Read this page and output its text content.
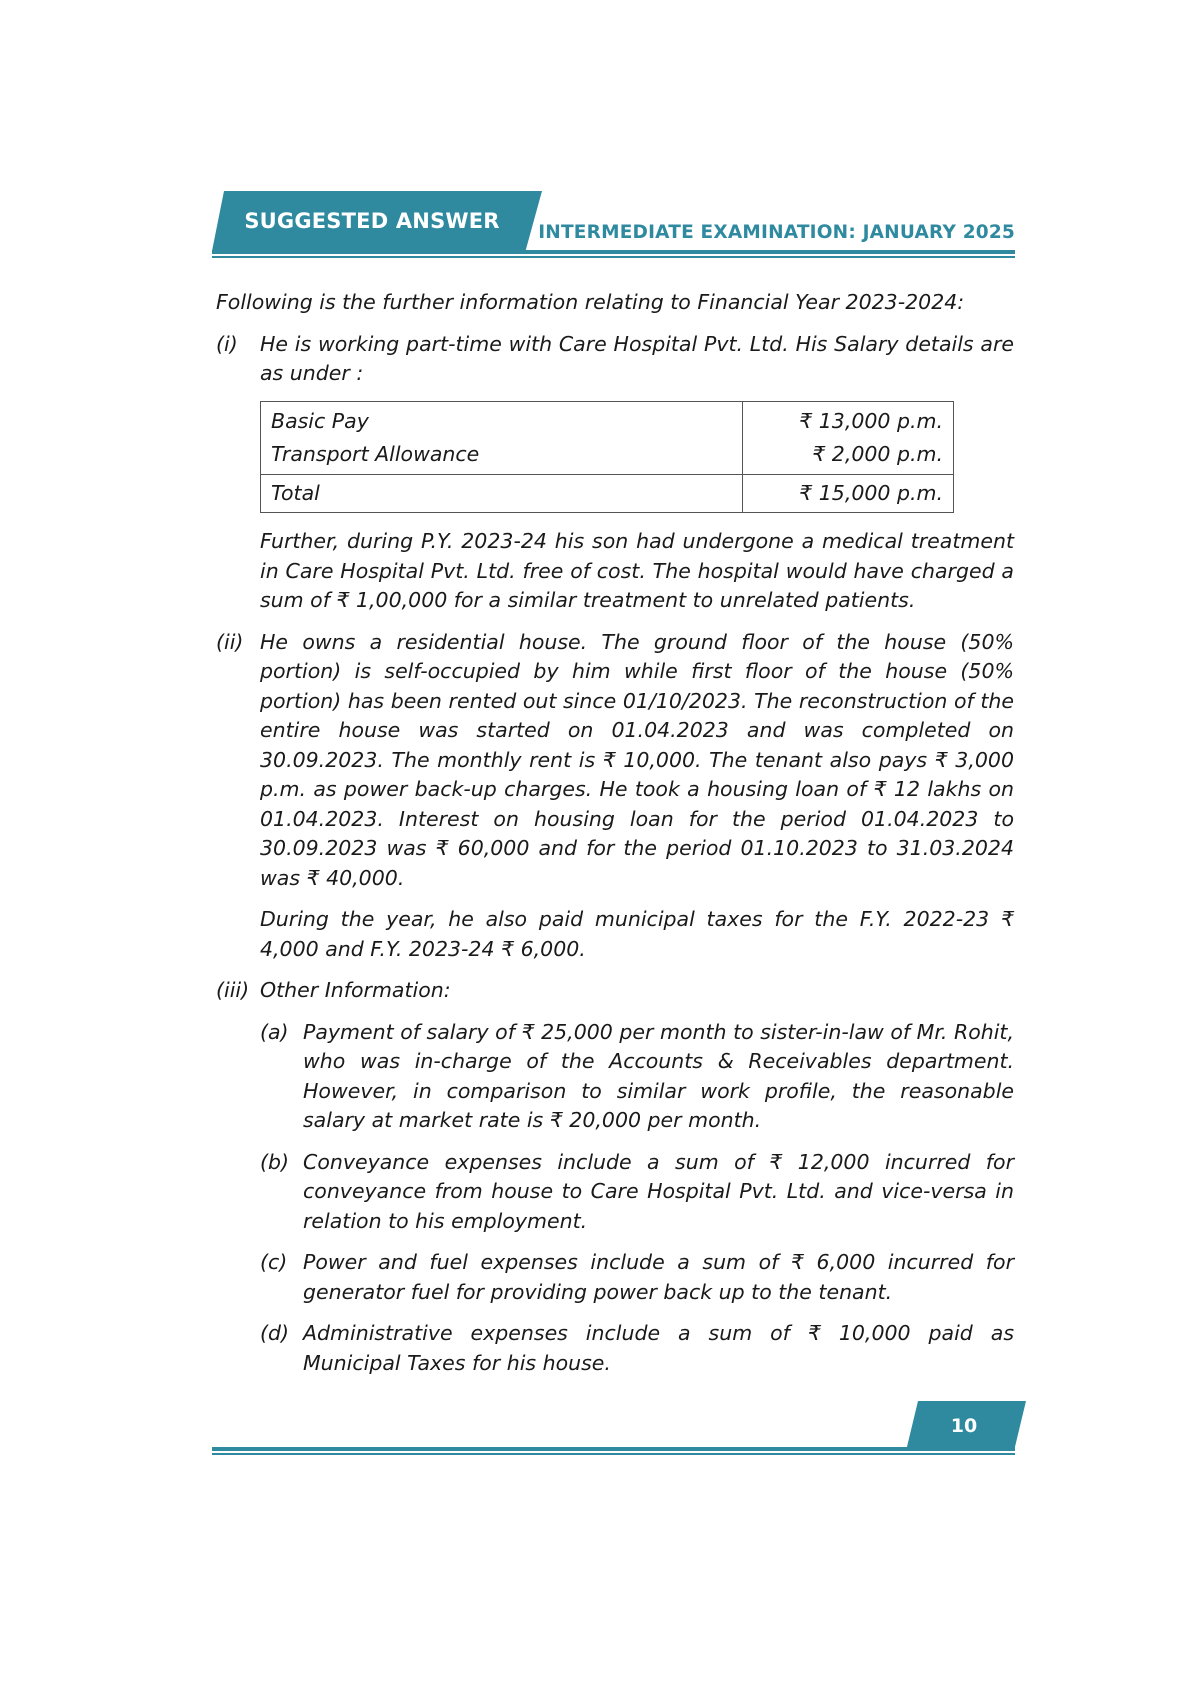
SUGGESTED ANSWER	INTERMEDIATE EXAMINATION: JANUARY 2025

Following is the further information relating to Financial Year 2023-2024:

(i)	He is working part-time with Care Hospital Pvt. Ltd. His Salary details are as under :

Basic Pay	₹ 13,000 p.m.
Transport Allowance	₹ 2,000 p.m.
Total	₹ 15,000 p.m.

Further, during P.Y. 2023-24 his son had undergone a medical treatment in Care Hospital Pvt. Ltd. free of cost. The hospital would have charged a sum of ₹ 1,00,000 for a similar treatment to unrelated patients.

(ii) He owns a residential house. The ground floor of the house (50% portion) is self-occupied by him while first floor of the house (50% portion) has been rented out since 01/10/2023. The reconstruction of the entire house was started on 01.04.2023 and was completed on 30.09.2023. The monthly rent is ₹ 10,000. The tenant also pays ₹ 3,000 p.m. as power back-up charges. He took a housing loan of ₹ 12 lakhs on 01.04.2023. Interest on housing loan for the period 01.04.2023 to 30.09.2023 was ₹ 60,000 and for the period 01.10.2023 to 31.03.2024 was ₹ 40,000.

During the year, he also paid municipal taxes for the F.Y. 2022-23 ₹ 4,000 and F.Y. 2023-24 ₹ 6,000.

(iii) Other Information:

(a) Payment of salary of ₹ 25,000 per month to sister-in-law of Mr. Rohit, who was in-charge of the Accounts & Receivables department. However, in comparison to similar work profile, the reasonable salary at market rate is ₹ 20,000 per month.

(b) Conveyance expenses include a sum of ₹ 12,000 incurred for conveyance from house to Care Hospital Pvt. Ltd. and vice-versa in relation to his employment.

(c) Power and fuel expenses include a sum of ₹ 6,000 incurred for generator fuel for providing power back up to the tenant.

(d) Administrative expenses include a sum of ₹ 10,000 paid as Municipal Taxes for his house.

10
